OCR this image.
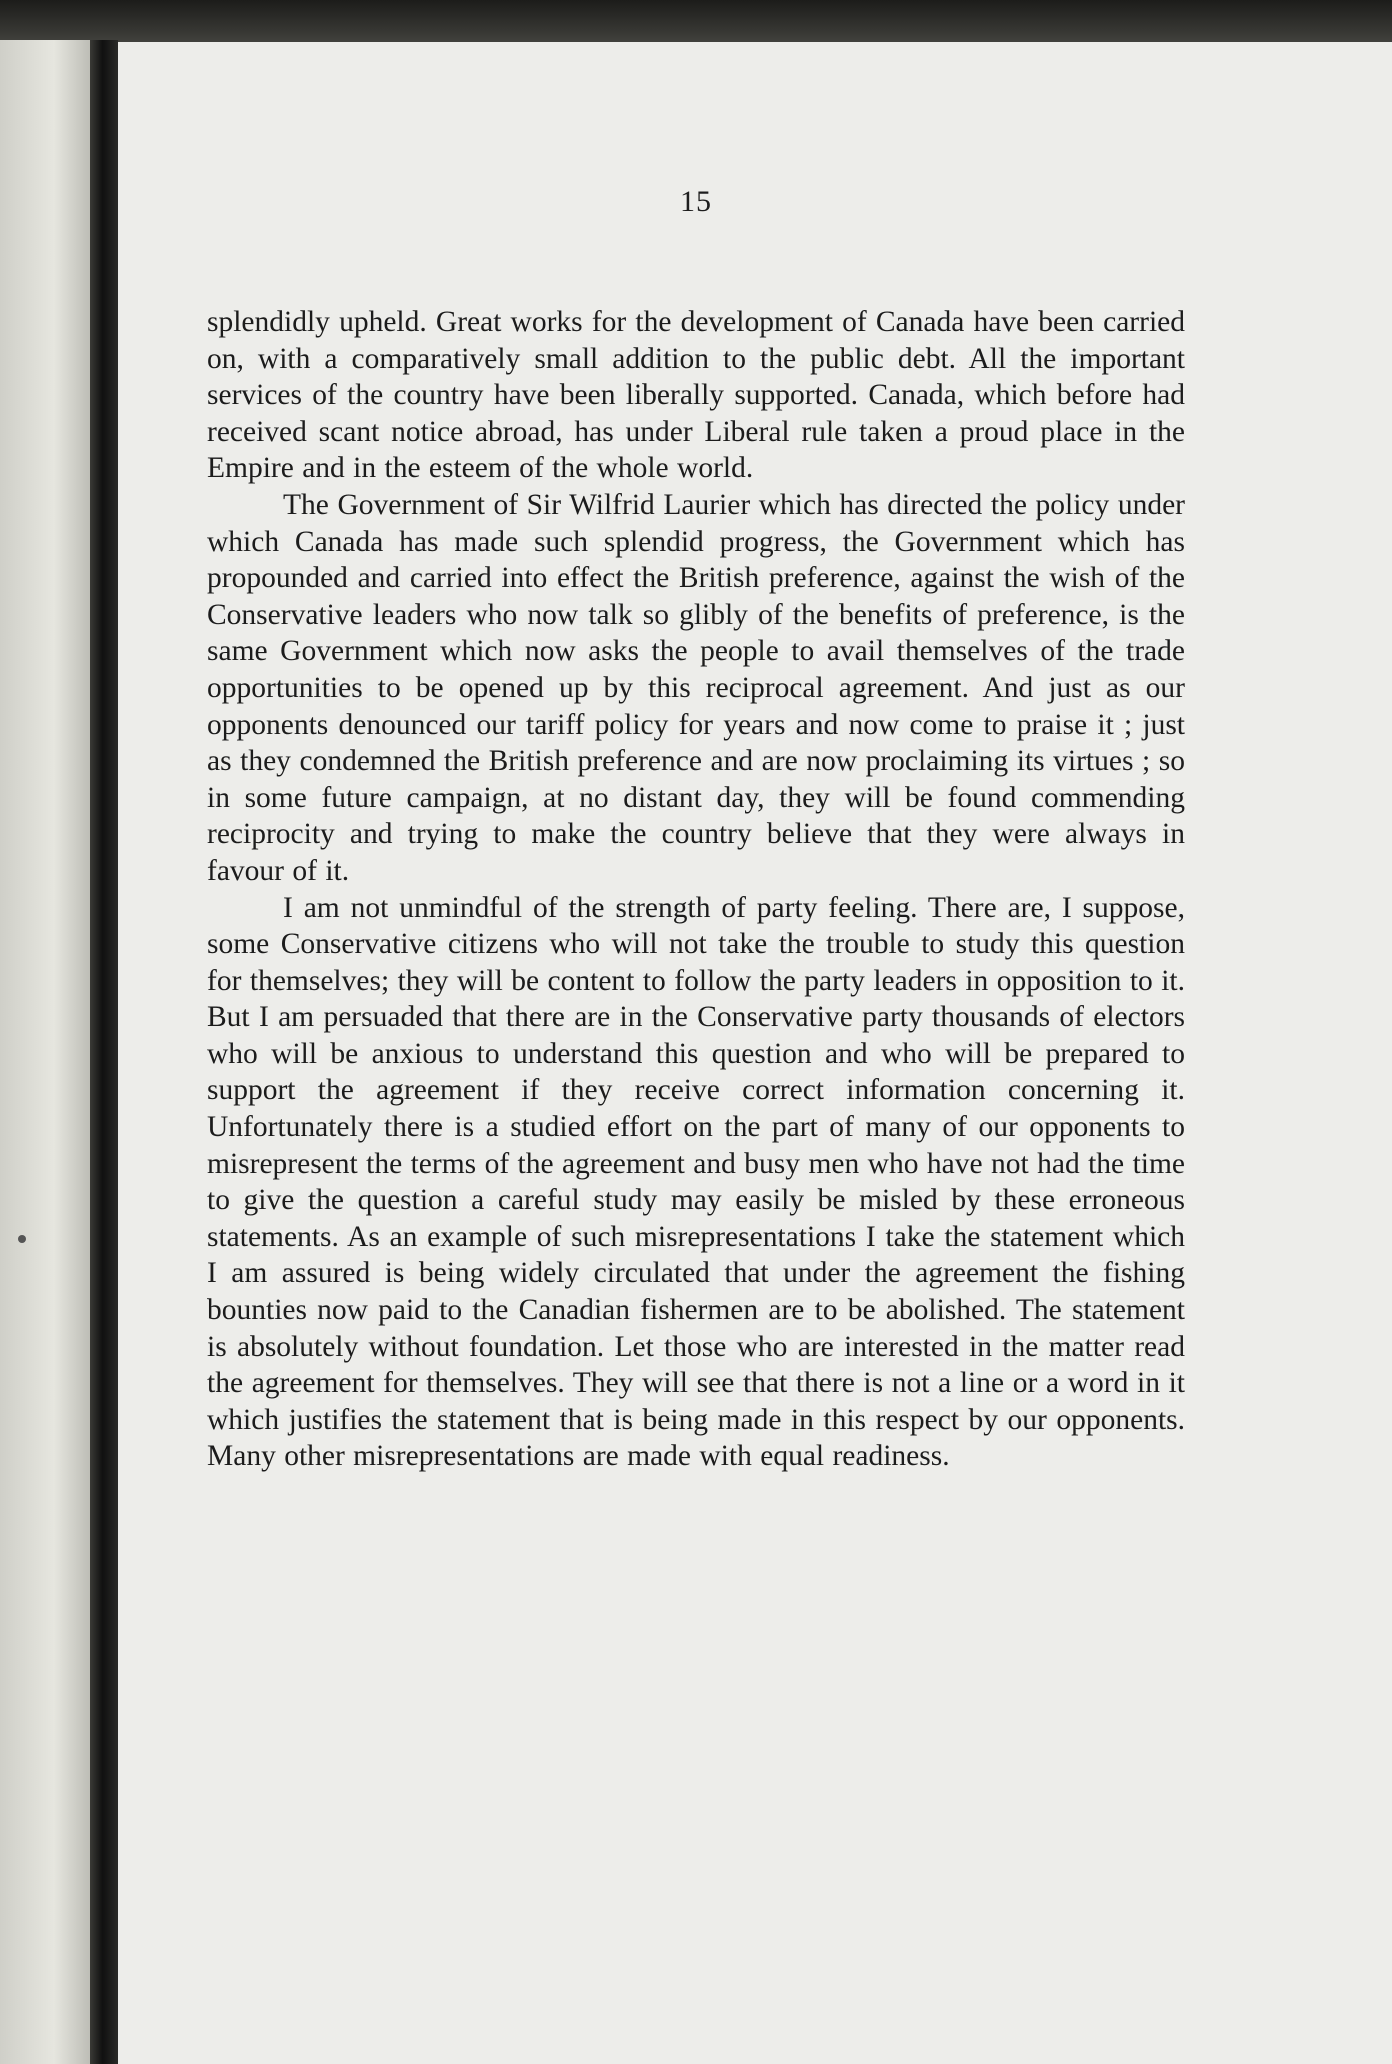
15

splendidly upheld. Great works for the development of Canada have been carried on, with a comparatively small addition to the public debt. All the important services of the country have been liberally supported. Canada, which before had received scant notice abroad, has under Liberal rule taken a proud place in the Empire and in the esteem of the whole world.

The Government of Sir Wilfrid Laurier which has directed the policy under which Canada has made such splendid progress, the Government which has propounded and carried into effect the British preference, against the wish of the Conservative leaders who now talk so glibly of the benefits of preference, is the same Government which now asks the people to avail themselves of the trade opportunities to be opened up by this reciprocal agreement. And just as our opponents denounced our tariff policy for years and now come to praise it ; just as they condemned the British preference and are now proclaiming its virtues ; so in some future campaign, at no distant day, they will be found commending reciprocity and trying to make the country believe that they were always in favour of it.

I am not unmindful of the strength of party feeling. There are, I suppose, some Conservative citizens who will not take the trouble to study this question for themselves; they will be content to follow the party leaders in opposition to it. But I am persuaded that there are in the Conservative party thousands of electors who will be anxious to understand this question and who will be prepared to support the agreement if they receive correct information concerning it. Unfortunately there is a studied effort on the part of many of our opponents to misrepresent the terms of the agreement and busy men who have not had the time to give the question a careful study may easily be misled by these erroneous statements. As an example of such misrepresentations I take the statement which I am assured is being widely circulated that under the agreement the fishing bounties now paid to the Canadian fishermen are to be abolished. The statement is absolutely without foundation. Let those who are interested in the matter read the agreement for themselves. They will see that there is not a line or a word in it which justifies the statement that is being made in this respect by our opponents. Many other misrepresentations are made with equal readiness.
